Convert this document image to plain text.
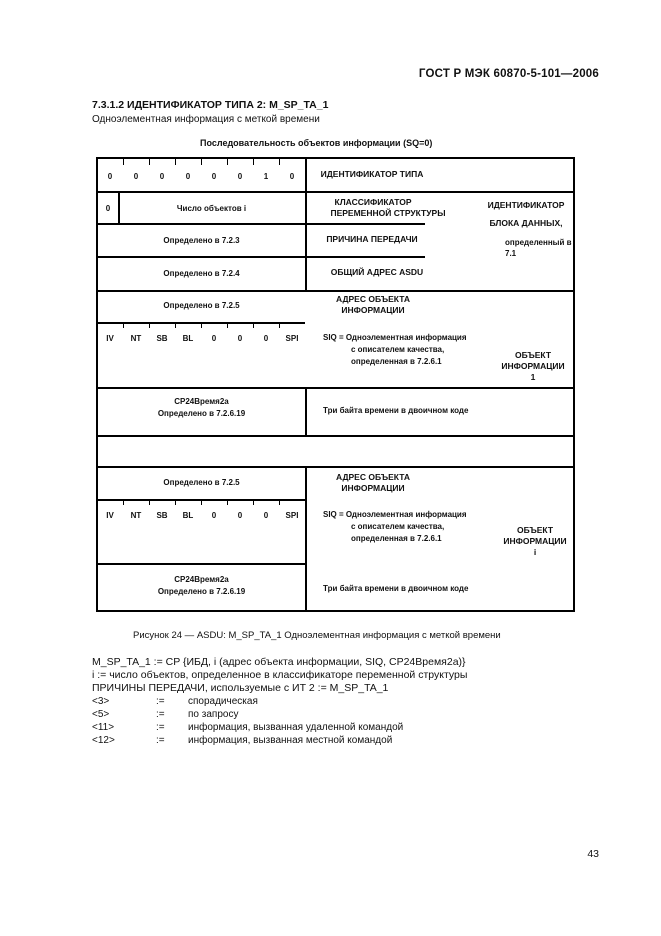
ГОСТ Р МЭК 60870-5-101—2006
7.3.1.2 ИДЕНТИФИКАТОР ТИПА 2: M_SP_TA_1
Одноэлементная информация с меткой времени
Последовательность объектов информации (SQ=0)
0	0	0	0	0	0	1	0
0	Число объектов i
Определено в 7.2.3
Определено в 7.2.4
Определено в 7.2.5
IV	NT	SB	BL	0	0	0	SPI
CP24Время2а
Определено в 7.2.6.19
Определено в 7.2.5
IV	NT	SB	BL	0	0	0	SPI
CP24Время2а
Определено в 7.2.6.19
ИДЕНТИФИКАТОР ТИПА
КЛАССИФИКАТОР
ПЕРЕМЕННОЙ СТРУКТУРЫ
ПРИЧИНА ПЕРЕДАЧИ
ОБЩИЙ АДРЕС ASDU
АДРЕС ОБЪЕКТА
ИНФОРМАЦИИ
SIQ = Одноэлементная информация
с описателем качества,
определенная в 7.2.6.1
Три байта времени в двоичном коде
ИДЕНТИФИКАТОР
БЛОКА ДАННЫХ,
определенный в 7.1
ОБЪЕКТ
ИНФОРМАЦИИ
1
АДРЕС ОБЪЕКТА
ИНФОРМАЦИИ
SIQ = Одноэлементная информация
с описателем качества,
определенная в 7.2.6.1
Три байта времени в двоичном коде
ОБЪЕКТ
ИНФОРМАЦИИ
i
Рисунок 24 — ASDU: M_SP_TA_1 Одноэлементная информация с меткой времени
M_SP_TA_1 := CP {ИБД, i (адрес объекта информации, SIQ, CP24Время2а)}
i := число объектов, определенное в классификаторе переменной структуры
ПРИЧИНЫ ПЕРЕДАЧИ, используемые с ИТ 2 := M_SP_TA_1
<3>	:= спорадическая
<5>	:= по запросу
<11>	:= информация, вызванная удаленной командой
<12>	:= информация, вызванная местной командой
43
